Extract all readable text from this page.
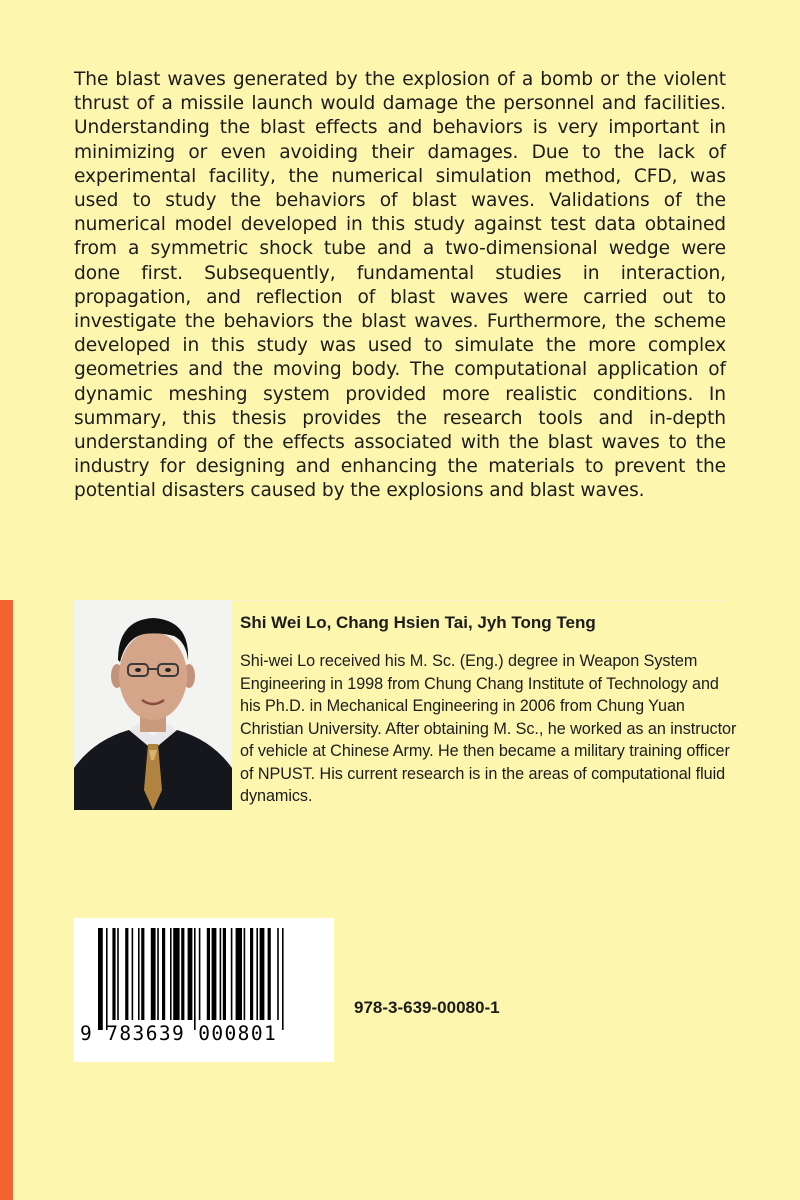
The blast waves generated by the explosion of a bomb or the violent thrust of a missile launch would damage the personnel and facilities. Understanding the blast effects and behaviors is very important in minimizing or even avoiding their damages. Due to the lack of experimental facility, the numerical simulation method, CFD, was used to study the behaviors of blast waves. Validations of the numerical model developed in this study against test data obtained from a symmetric shock tube and a two-dimensional wedge were done first. Subsequently, fundamental studies in interaction, propagation, and reflection of blast waves were carried out to investigate the behaviors the blast waves. Furthermore, the scheme developed in this study was used to simulate the more complex geometries and the moving body. The computational application of dynamic meshing system provided more realistic conditions. In summary, this thesis provides the research tools and in-depth understanding of the effects associated with the blast waves to the industry for designing and enhancing the materials to prevent the potential disasters caused by the explosions and blast waves.

Shi Wei Lo, Chang Hsien Tai, Jyh Tong Teng

Shi-wei Lo received his M. Sc. (Eng.) degree in Weapon System Engineering in 1998 from Chung Chang Institute of Technology and his Ph.D. in Mechanical Engineering in 2006 from Chung Yuan Christian University. After obtaining M. Sc., he worked as an instructor of vehicle at Chinese Army. He then became a military training officer of NPUST. His current research is in the areas of computational fluid dynamics.

9 783639 000801

978-3-639-00080-1
